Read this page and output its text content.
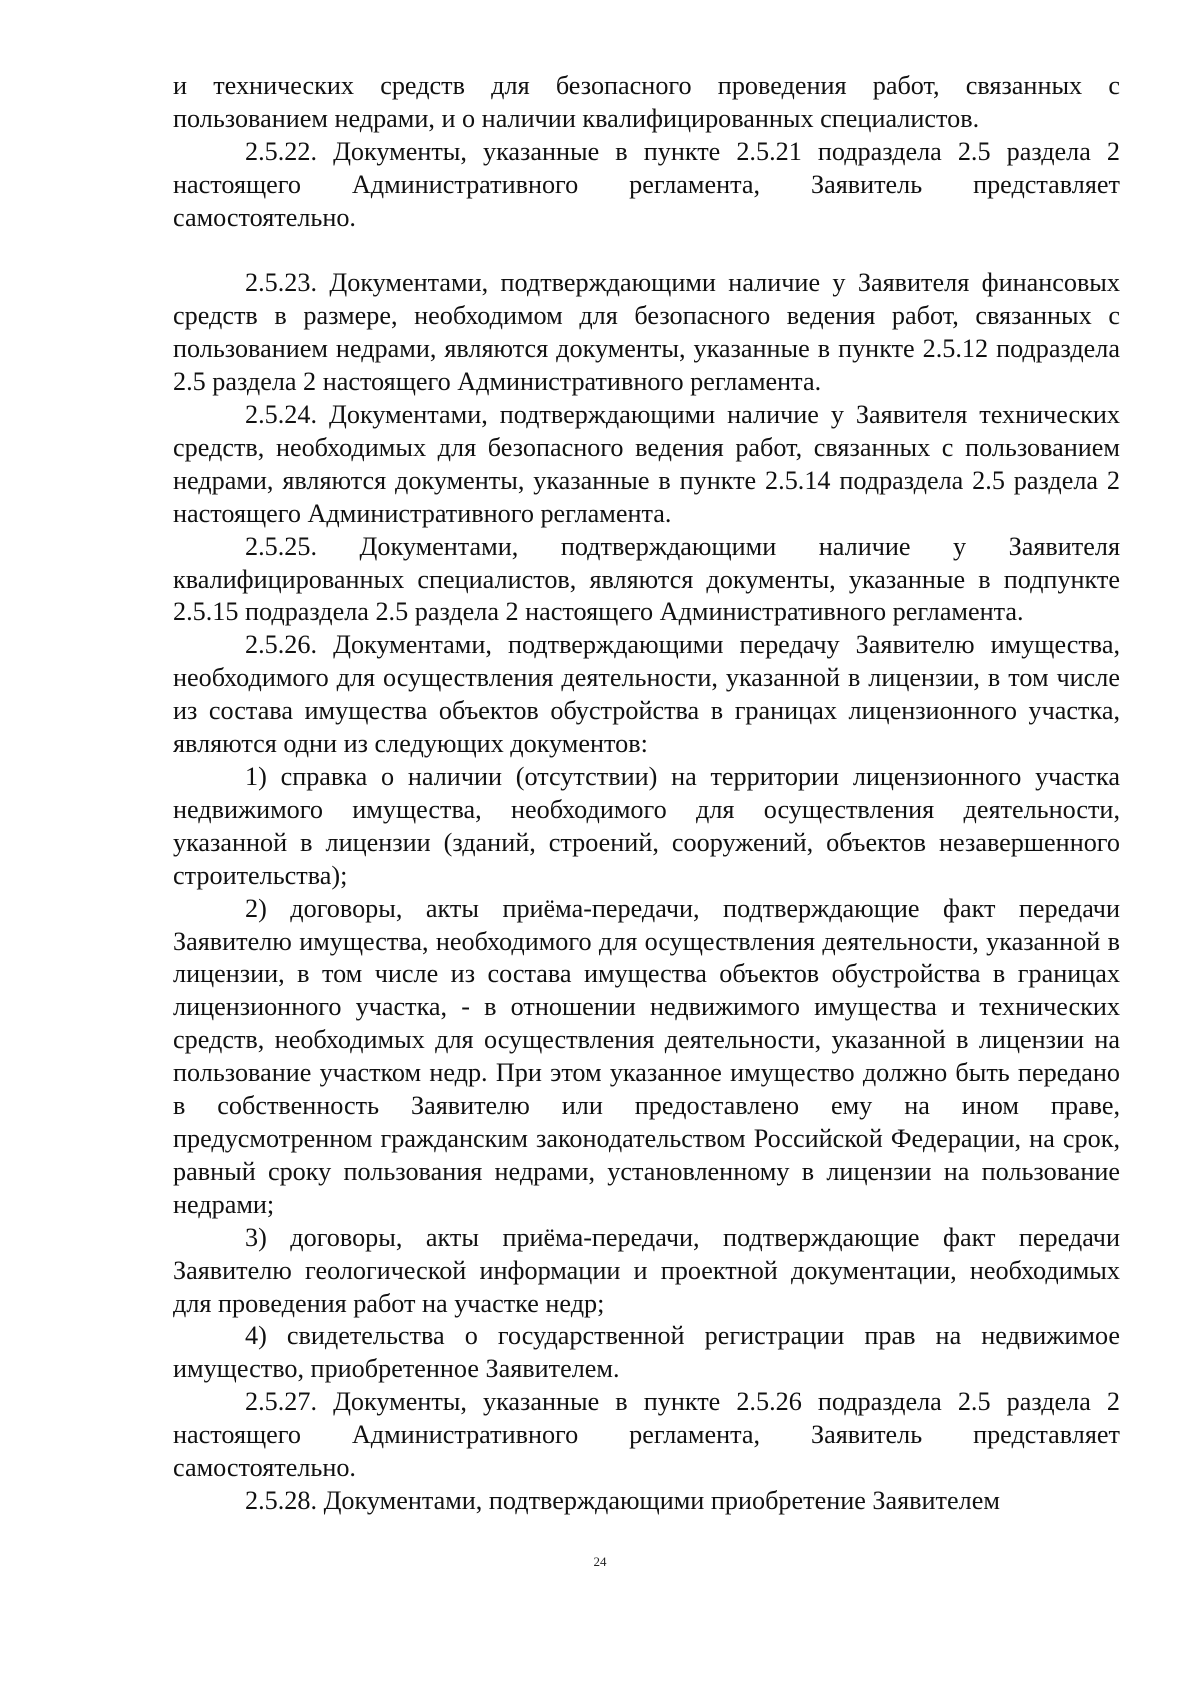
и технических средств для безопасного проведения работ, связанных с пользованием недрами, и о наличии квалифицированных специалистов.

2.5.22. Документы, указанные в пункте 2.5.21 подраздела 2.5 раздела 2 настоящего Административного регламента, Заявитель представляет самостоятельно.

2.5.23. Документами, подтверждающими наличие у Заявителя финансовых средств в размере, необходимом для безопасного ведения работ, связанных с пользованием недрами, являются документы, указанные в пункте 2.5.12 подраздела 2.5 раздела 2 настоящего Административного регламента.

2.5.24. Документами, подтверждающими наличие у Заявителя технических средств, необходимых для безопасного ведения работ, связанных с пользованием недрами, являются документы, указанные в пункте 2.5.14 подраздела 2.5 раздела 2 настоящего Административного регламента.

2.5.25. Документами, подтверждающими наличие у Заявителя квалифицированных специалистов, являются документы, указанные в подпункте 2.5.15 подраздела 2.5 раздела 2 настоящего Административного регламента.

2.5.26. Документами, подтверждающими передачу Заявителю имущества, необходимого для осуществления деятельности, указанной в лицензии, в том числе из состава имущества объектов обустройства в границах лицензионного участка, являются одни из следующих документов:

1) справка о наличии (отсутствии) на территории лицензионного участка недвижимого имущества, необходимого для осуществления деятельности, указанной в лицензии (зданий, строений, сооружений, объектов незавершенного строительства);

2) договоры, акты приёма-передачи, подтверждающие факт передачи Заявителю имущества, необходимого для осуществления деятельности, указанной в лицензии, в том числе из состава имущества объектов обустройства в границах лицензионного участка, - в отношении недвижимого имущества и технических средств, необходимых для осуществления деятельности, указанной в лицензии на пользование участком недр. При этом указанное имущество должно быть передано в собственность Заявителю или предоставлено ему на ином праве, предусмотренном гражданским законодательством Российской Федерации, на срок, равный сроку пользования недрами, установленному в лицензии на пользование недрами;

3) договоры, акты приёма-передачи, подтверждающие факт передачи Заявителю геологической информации и проектной документации, необходимых для проведения работ на участке недр;

4) свидетельства о государственной регистрации прав на недвижимое имущество, приобретенное Заявителем.

2.5.27. Документы, указанные в пункте 2.5.26 подраздела 2.5 раздела 2 настоящего Административного регламента, Заявитель представляет самостоятельно.

2.5.28. Документами, подтверждающими приобретение Заявителем

24
